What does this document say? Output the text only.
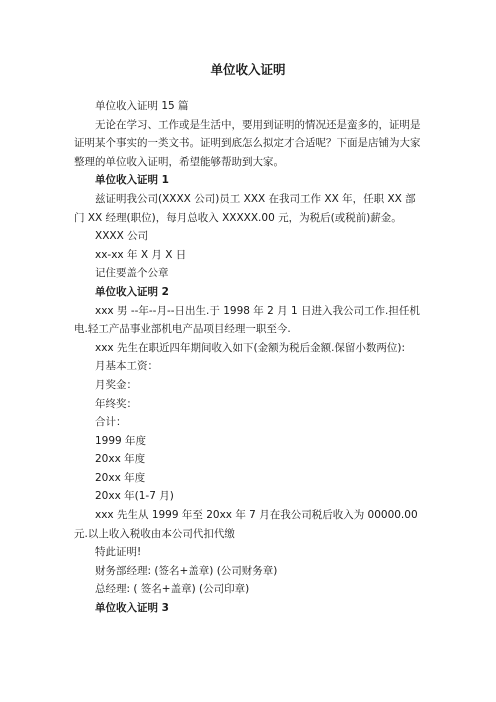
单位收入证明

单位收入证明 15 篇

无论在学习、工作或是生活中，要用到证明的情况还是蛮多的，证明是证明某个事实的一类文书。证明到底怎么拟定才合适呢？下面是店铺为大家整理的单位收入证明，希望能够帮助到大家。

单位收入证明 1

兹证明我公司(XXXX 公司)员工 XXX 在我司工作 XX 年，任职 XX 部门 XX 经理(职位)，每月总收入 XXXXX.00 元，为税后(或税前)薪金。

XXXX 公司

xx-xx 年 X 月 X 日

记住要盖个公章

单位收入证明 2

xxx 男 --年--月--日出生.于 1998 年 2 月 1 日进入我公司工作.担任机电.轻工产品事业部机电产品项目经理一职至今.

xxx 先生在职近四年期间收入如下(金额为税后金额.保留小数两位):

月基本工资：

月奖金：

年终奖：

合计：

1999 年度

20xx 年度

20xx 年度

20xx 年(1-7 月)

xxx 先生从 1999 年至 20xx 年 7 月在我公司税后收入为 00000.00 元.以上收入税收由本公司代扣代缴

特此证明!

财务部经理: (签名+盖章) (公司财务章)

总经理: ( 签名+盖章) (公司印章)

单位收入证明 3
